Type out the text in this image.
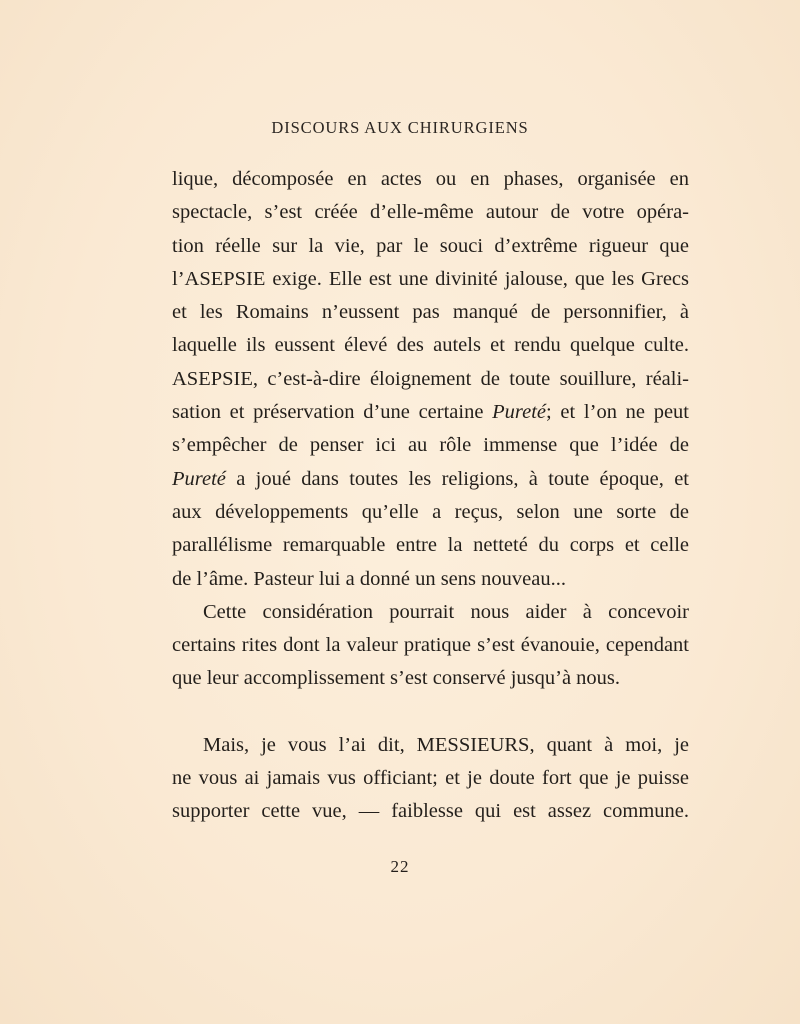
DISCOURS AUX CHIRURGIENS
lique, décomposée en actes ou en phases, organisée en
spectacle, s’est créée d’elle-même autour de votre opéra-
tion réelle sur la vie, par le souci d’extrême rigueur que
l’ASEPSIE exige. Elle est une divinité jalouse, que les Grecs
et les Romains n’eussent pas manqué de personnifier, à
laquelle ils eussent élevé des autels et rendu quelque culte.
ASEPSIE, c’est-à-dire éloignement de toute souillure, réali-
sation et préservation d’une certaine Pureté; et l’on ne peut
s’empêcher de penser ici au rôle immense que l’idée de
Pureté a joué dans toutes les religions, à toute époque, et
aux développements qu’elle a reçus, selon une sorte de
parallélisme remarquable entre la netteté du corps et celle
de l’âme. Pasteur lui a donné un sens nouveau...
Cette considération pourrait nous aider à concevoir
certains rites dont la valeur pratique s’est évanouie, cependant
que leur accomplissement s’est conservé jusqu’à nous.
Mais, je vous l’ai dit, MESSIEURS, quant à moi, je
ne vous ai jamais vus officiant; et je doute fort que je puisse
supporter cette vue, — faiblesse qui est assez commune.
22
